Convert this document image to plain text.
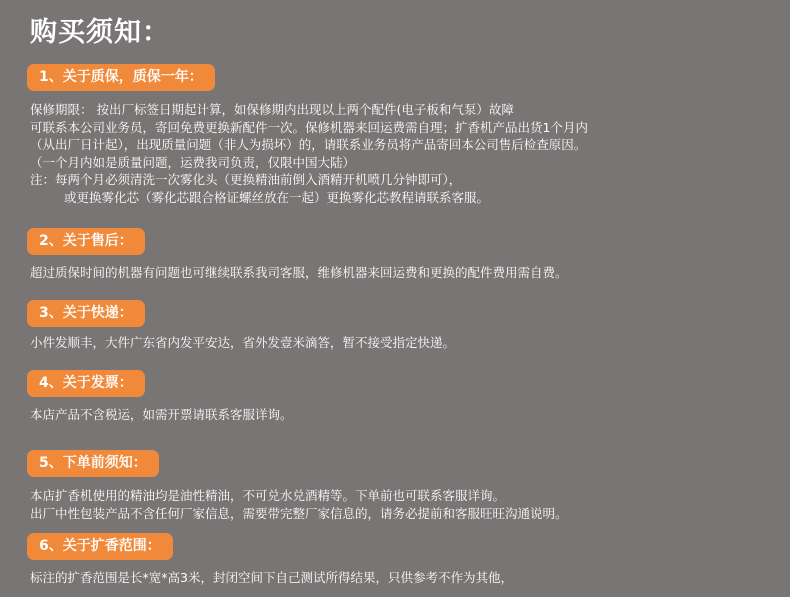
购买须知：
1、关于质保，质保一年：
保修期限： 按出厂标签日期起计算，如保修期内出现以上两个配件(电子板和气泵）故障
可联系本公司业务员，寄回免费更换新配件一次。保修机器来回运费需自理；扩香机产品出货1个月内
（从出厂日计起），出现质量问题（非人为损坏）的，请联系业务员将产品寄回本公司售后检查原因。
（一个月内如是质量问题，运费我司负责，仅限中国大陆）
注：每两个月必须清洗一次雾化头（更换精油前倒入酒精开机喷几分钟即可），
或更换雾化芯（雾化芯跟合格证螺丝放在一起）更换雾化芯教程请联系客服。
2、关于售后：
超过质保时间的机器有问题也可继续联系我司客服，维修机器来回运费和更换的配件费用需自费。
3、关于快递：
小件发顺丰，大件广东省内发平安达，省外发壹米滴答，暂不接受指定快递。
4、关于发票：
本店产品不含税运，如需开票请联系客服详询。
5、下单前须知：
本店扩香机使用的精油均是油性精油，不可兑水兑酒精等。下单前也可联系客服详询。
出厂中性包装产品不含任何厂家信息，需要带完整厂家信息的，请务必提前和客服旺旺沟通说明。
6、关于扩香范围：
标注的扩香范围是长*宽*高3米，封闭空间下自己测试所得结果，只供参考不作为其他，
